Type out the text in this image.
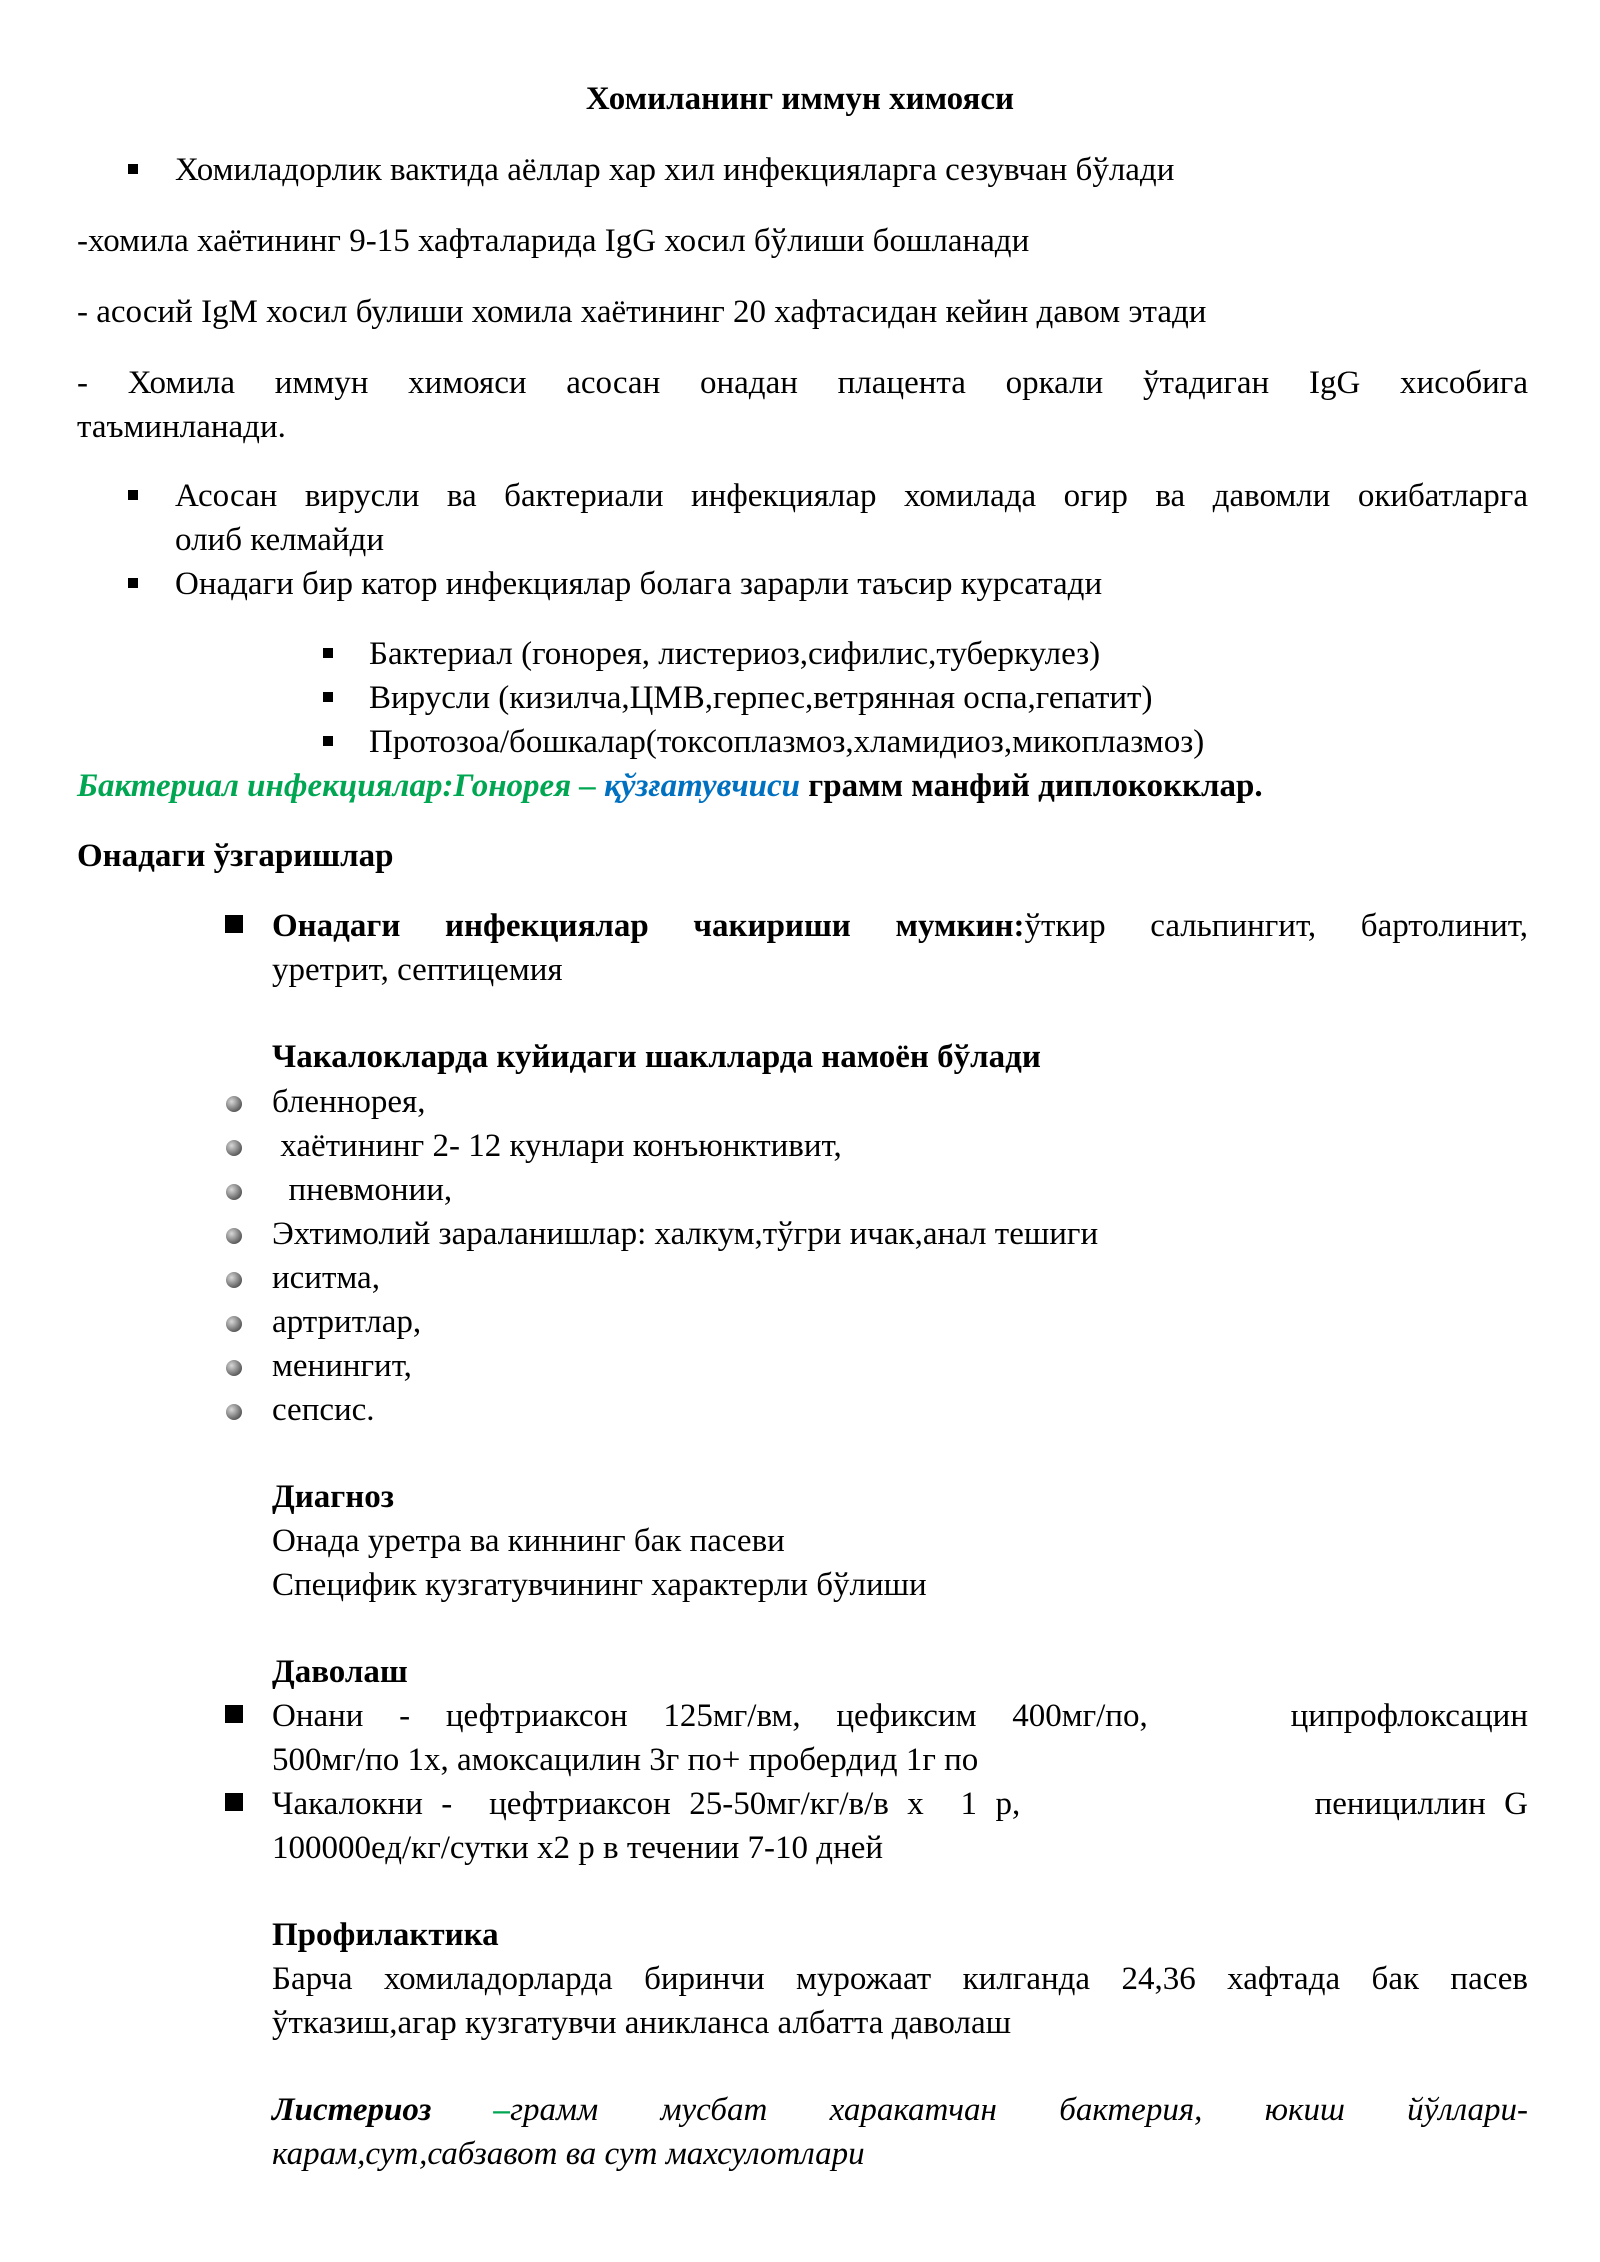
Хомиланинг иммун химояси
Хомиладорлик вактида аёллар хар хил инфекцияларга сезувчан бўлади
-хомила хаётининг 9-15 хафталарида IgG хосил бўлиши бошланади
- асосий IgM хосил булиши хомила хаётининг 20 хафтасидан кейин давом этади
- Хомила иммун химояси асосан онадан плацента оркали ўтадиган IgG хисобига
таъминланади.
Асосан вирусли ва бактериали инфекциялар хомилада огир ва давомли окибатларга
олиб келмайди
Онадаги бир катор инфекциялар болага зарарли таъсир курсатади
Бактериал (гонорея, листериоз,сифилис,туберкулез)
Вирусли (кизилча,ЦМВ,герпес,ветрянная оспа,гепатит)
Протозоа/бошкалар(токсоплазмоз,хламидиоз,микоплазмоз)
Бактериал инфекциялар:Гонорея – қўзғатувчиси грамм манфий диплококклар.
Онадаги ўзгаришлар
Онадаги инфекциялар чакириши мумкин:ўткир сальпингит, бартолинит,
уретрит, септицемия
Чакалокларда куйидаги шаклларда намоён бўлади
бленнорея,
хаётининг 2- 12 кунлари конъюнктивит,
пневмонии,
Эхтимолий зараланишлар: халкум,тўгри ичак,анал тешиги
иситма,
артритлар,
менингит,
сепсис.
Диагноз
Онада уретра ва киннинг бак пасеви
Специфик кузгатувчининг характерли бўлиши
Даволаш
Онани - цефтриаксон 125мг/вм, цефиксим 400мг/по,    ципрофлоксацин
500мг/по 1х, амоксацилин 3г по+ пробердид 1г по
Чакалокни -  цефтриаксон 25-50мг/кг/в/в х  1 р,                пенициллин G
100000ед/кг/сутки х2 р в течении 7-10 дней
Профилактика
Барча хомиладорларда биринчи мурожаат килганда 24,36 хафтада бак пасев
ўтказиш,агар кузгатувчи аникланса албатта даволаш
Листериоз –грамм мусбат харакатчан бактерия, юкиш йўллари-
карам,сут,сабзавот ва сут махсулотлари
